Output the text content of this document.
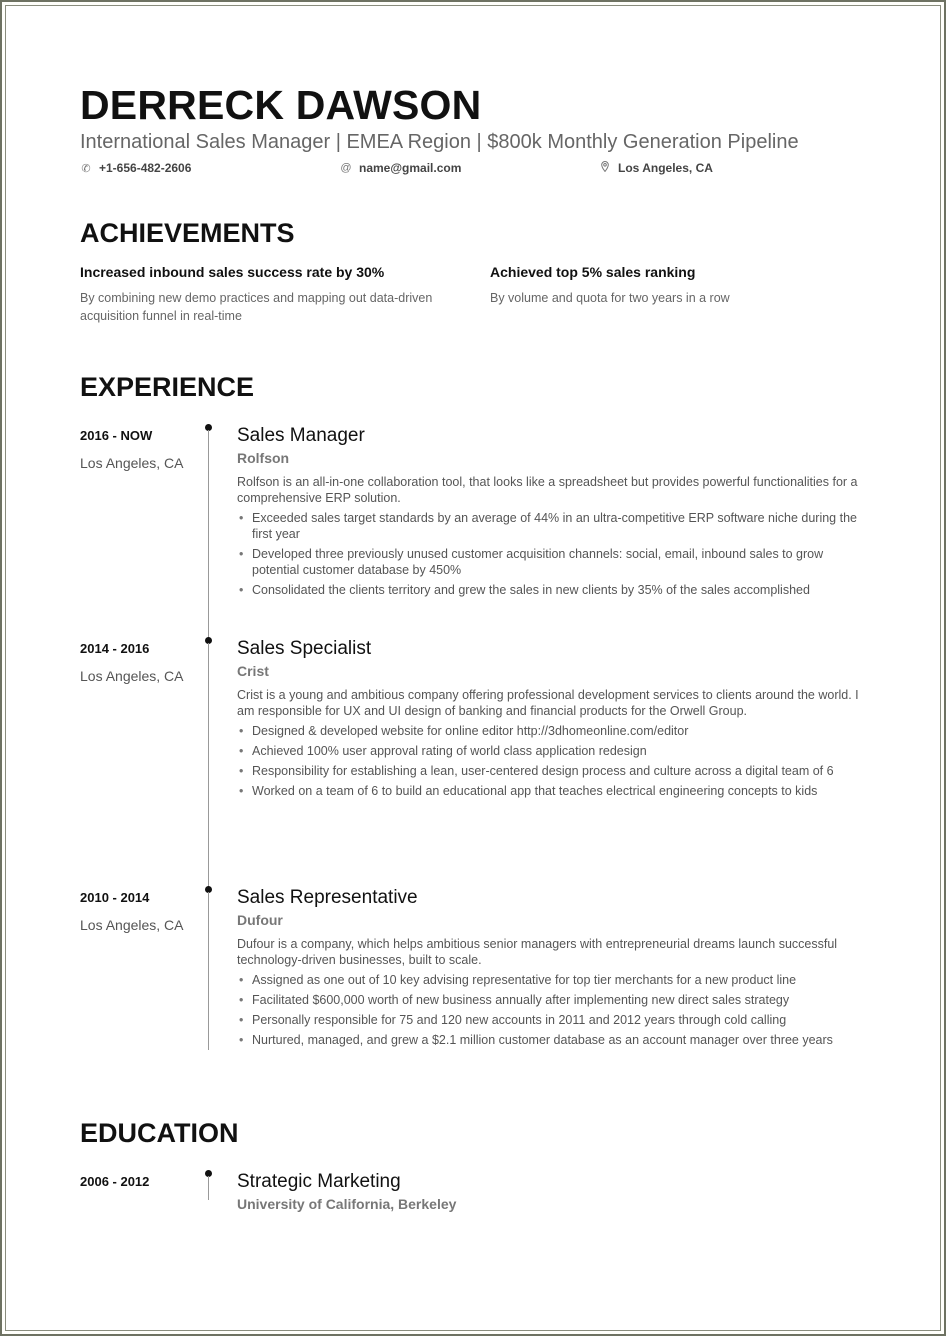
DERRECK DAWSON
International Sales Manager | EMEA Region | $800k Monthly Generation Pipeline
✆ +1-656-482-2606	@ name@gmail.com	Los Angeles, CA
ACHIEVEMENTS
Increased inbound sales success rate by 30%
By combining new demo practices and mapping out data-driven acquisition funnel in real-time
Achieved top 5% sales ranking
By volume and quota for two years in a row
EXPERIENCE
2016 - NOW
Los Angeles, CA
Sales Manager
Rolfson
Rolfson is an all-in-one collaboration tool, that looks like a spreadsheet but provides powerful functionalities for a comprehensive ERP solution.
• Exceeded sales target standards by an average of 44% in an ultra-competitive ERP software niche during the first year
• Developed three previously unused customer acquisition channels: social, email, inbound sales to grow potential customer database by 450%
• Consolidated the clients territory and grew the sales in new clients by 35% of the sales accomplished
2014 - 2016
Los Angeles, CA
Sales Specialist
Crist
Crist is a young and ambitious company offering professional development services to clients around the world. I am responsible for UX and UI design of banking and financial products for the Orwell Group.
• Designed & developed website for online editor http://3dhomeonline.com/editor
• Achieved 100% user approval rating of world class application redesign
• Responsibility for establishing a lean, user-centered design process and culture across a digital team of 6
• Worked on a team of 6 to build an educational app that teaches electrical engineering concepts to kids
2010 - 2014
Los Angeles, CA
Sales Representative
Dufour
Dufour is a company, which helps ambitious senior managers with entrepreneurial dreams launch successful technology-driven businesses, built to scale.
• Assigned as one out of 10 key advising representative for top tier merchants for a new product line
• Facilitated $600,000 worth of new business annually after implementing new direct sales strategy
• Personally responsible for 75 and 120 new accounts in 2011 and 2012 years through cold calling
• Nurtured, managed, and grew a $2.1 million customer database as an account manager over three years
EDUCATION
2006 - 2012	Strategic Marketing
University of California, Berkeley
